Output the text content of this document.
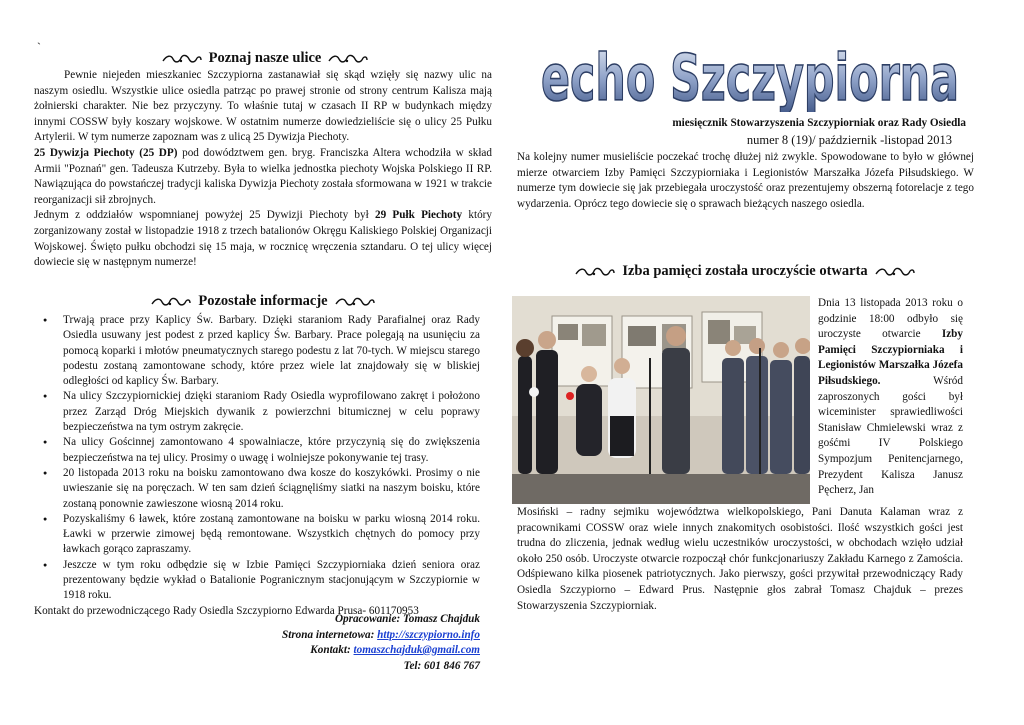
`
Poznaj nasze ulice

Pewnie niejeden mieszkaniec Szczypiorna zastanawiał się skąd wzięły się nazwy ulic na naszym osiedlu. Wszystkie ulice osiedla patrząc po prawej stronie od strony centrum Kalisza mają żołnierski charakter. Nie bez przyczyny. To właśnie tutaj w czasach II RP w budynkach między innymi COSSW były koszary wojskowe. W ostatnim numerze dowiedzieliście się o ulicy 25 Pułku Artylerii. W tym numerze zapoznam was z ulicą 25 Dywizja Piechoty.

25 Dywizja Piechoty (25 DP) pod dowództwem gen. bryg. Franciszka Altera wchodziła w skład Armii "Poznań" gen. Tadeusza Kutrzeby. Była to wielka jednostka piechoty Wojska Polskiego II RP. Nawiązująca do powstańczej tradycji kaliska Dywizja Piechoty została sformowana w 1921 w trakcie reorganizacji sił zbrojnych.

Jednym z oddziałów wspomnianej powyżej 25 Dywizji Piechoty był 29 Pułk Piechoty który zorganizowany został w listopadzie 1918 z trzech batalionów Okręgu Kaliskiego Polskiej Organizacji Wojskowej. Święto pułku obchodzi się 15 maja, w rocznicę wręczenia sztandaru. O tej ulicy więcej dowiecie się w następnym numerze!

Pozostałe informacje
● Trwają prace przy Kaplicy Św. Barbary. Dzięki staraniom Rady Parafialnej oraz Rady Osiedla usuwany jest podest z przed kaplicy Św. Barbary. Prace polegają na usunięciu za pomocą koparki i młotów pneumatycznych starego podestu z lat 70-tych. W miejscu starego podestu zostaną zamontowane schody, które przez wiele lat znajdowały się w bliskiej odległości od kaplicy Św. Barbary.
● Na ulicy Szczypiornickiej dzięki staraniom Rady Osiedla wyprofilowano zakręt i położono przez Zarząd Dróg Miejskich dywanik z powierzchni bitumicznej w celu poprawy bezpieczeństwa na tym ostrym zakręcie.
● Na ulicy Gościnnej zamontowano 4 spowalniacze, które przyczynią się do zwiększenia bezpieczeństwa na tej ulicy. Prosimy o uwagę i wolniejsze pokonywanie tej trasy.
● 20 listopada 2013 roku na boisku zamontowano dwa kosze do koszykówki. Prosimy o nie uwieszanie się na poręczach. W ten sam dzień ściągnęliśmy siatki na naszym boisku, które zostaną ponownie zawieszone wiosną 2014 roku.
● Pozyskaliśmy 6 ławek, które zostaną zamontowane na boisku w parku wiosną 2014 roku. Ławki w przerwie zimowej będą remontowane. Wszystkich chętnych do pomocy przy ławkach gorąco zapraszamy.
● Jeszcze w tym roku odbędzie się w Izbie Pamięci Szczypiorniaka dzień seniora oraz prezentowany będzie wykład o Batalionie Pogranicznym stacjonującym w Szczypiornie w 1918 roku.
Kontakt do przewodniczącego Rady Osiedla Szczypiorno Edwarda Prusa- 601170953
Opracowanie: Tomasz Chajduk
Strona internetowa: http://szczypiorno.info
Kontakt: tomaszchajduk@gmail.com
Tel: 601 846 767
echo Szczypiorna
miesięcznik Stowarzyszenia Szczypiorniak oraz Rady Osiedla
numer 8 (19)/ październik -listopad 2013

Na kolejny numer musieliście poczekać trochę dłużej niż zwykle. Spowodowane to było w głównej mierze otwarciem Izby Pamięci Szczypiorniaka i Legionistów Marszałka Józefa Piłsudskiego. W numerze tym dowiecie się jak przebiegała uroczystość oraz prezentujemy obszerną fotorelacje z tego wydarzenia. Oprócz tego dowiecie się o sprawach bieżących naszego osiedla.

Izba pamięci została uroczyście otwarta

Dnia 13 listopada 2013 roku o godzinie 18:00 odbyło się uroczyste otwarcie Izby Pamięci Szczypiorniaka i Legionistów Marszałka Józefa Piłsudskiego.	Wśród zaproszonych gości był wiceminister sprawiedliwości Stanisław Chmielewski wraz z gośćmi IV Polskiego Sympozjum Penitencjarnego, Prezydent Kalisza Janusz Pęcherz, Jan

Mosiński – radny sejmiku województwa wielkopolskiego, Pani Danuta Kalaman wraz z pracownikami COSSW oraz wiele innych znakomitych osobistości. Ilość wszystkich gości jest trudna do zliczenia, jednak według wielu uczestników uroczystości, w obchodach wzięło udział około 250 osób. Uroczyste otwarcie rozpoczął chór funkcjonariuszy Zakładu Karnego z Zamościa. Odśpiewano kilka piosenek patriotycznych. Jako pierwszy, gości przywitał przewodniczący Rady Osiedla Szczypiorno – Edward Prus. Następnie głos zabrał Tomasz Chajduk – prezes Stowarzyszenia Szczypiorniak.
